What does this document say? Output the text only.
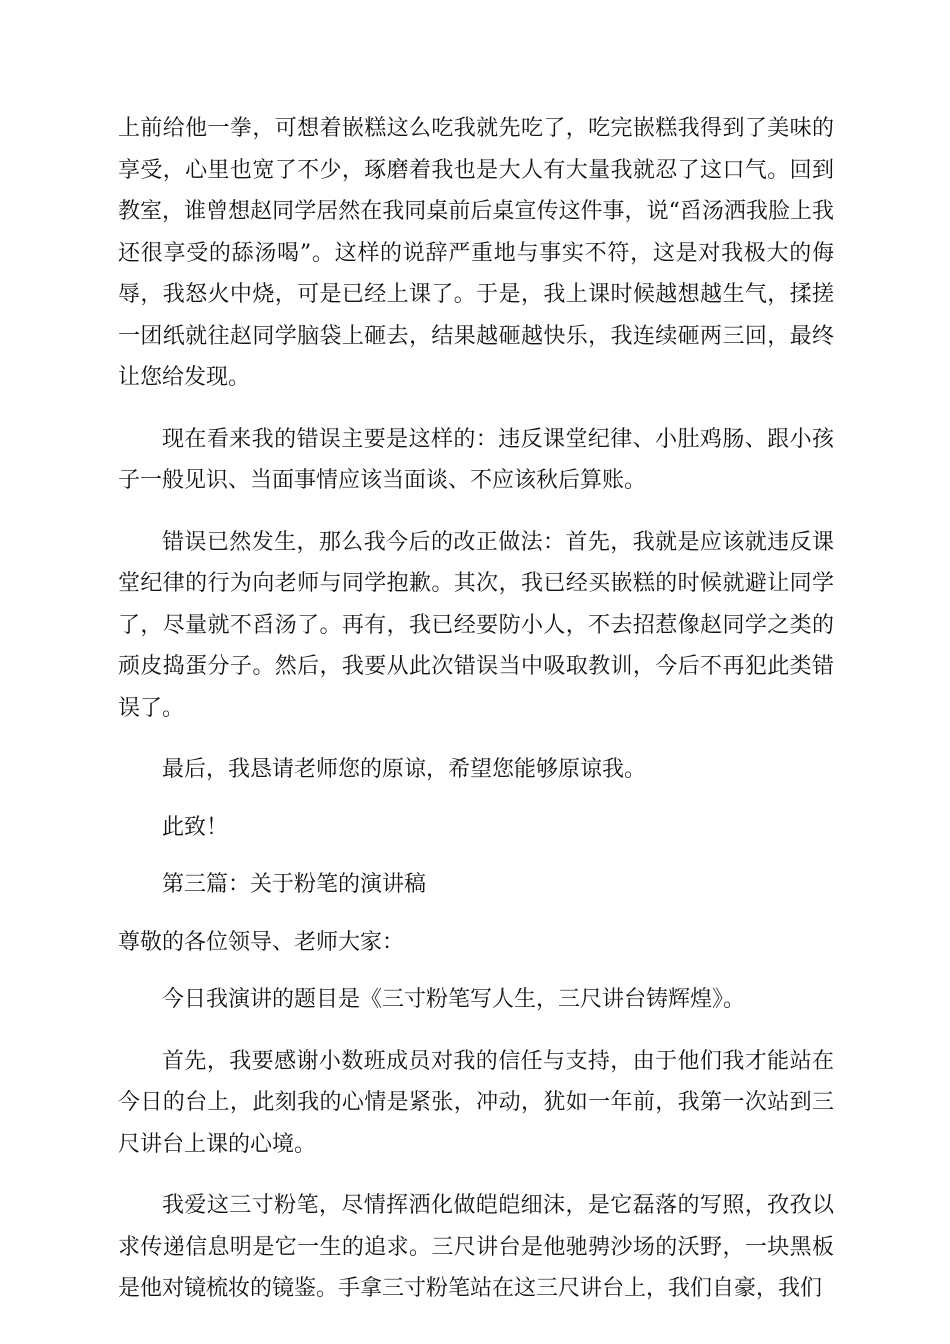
上前给他一拳，可想着嵌糕这么吃我就先吃了，吃完嵌糕我得到了美味的享受，心里也宽了不少，琢磨着我也是大人有大量我就忍了这口气。回到教室，谁曾想赵同学居然在我同桌前后桌宣传这件事，说“舀汤洒我脸上我还很享受的舔汤喝”。这样的说辞严重地与事实不符，这是对我极大的侮辱，我怒火中烧，可是已经上课了。于是，我上课时候越想越生气，揉搓一团纸就往赵同学脑袋上砸去，结果越砸越快乐，我连续砸两三回，最终让您给发现。

现在看来我的错误主要是这样的：违反课堂纪律、小肚鸡肠、跟小孩子一般见识、当面事情应该当面谈、不应该秋后算账。

错误已然发生，那么我今后的改正做法：首先，我就是应该就违反课堂纪律的行为向老师与同学抱歉。其次，我已经买嵌糕的时候就避让同学了，尽量就不舀汤了。再有，我已经要防小人，不去招惹像赵同学之类的顽皮捣蛋分子。然后，我要从此次错误当中吸取教训，今后不再犯此类错误了。

最后，我恳请老师您的原谅，希望您能够原谅我。

此致！

第三篇：关于粉笔的演讲稿

尊敬的各位领导、老师大家：

今日我演讲的题目是《三寸粉笔写人生，三尺讲台铸辉煌》。

首先，我要感谢小数班成员对我的信任与支持，由于他们我才能站在今日的台上，此刻我的心情是紧张，冲动，犹如一年前，我第一次站到三尺讲台上课的心境。

我爱这三寸粉笔，尽情挥洒化做皑皑细沫，是它磊落的写照，孜孜以求传递信息明是它一生的追求。三尺讲台是他驰骋沙场的沃野，一块黑板是他对镜梳妆的镜鉴。手拿三寸粉笔站在这三尺讲台上，我们自豪，我们
